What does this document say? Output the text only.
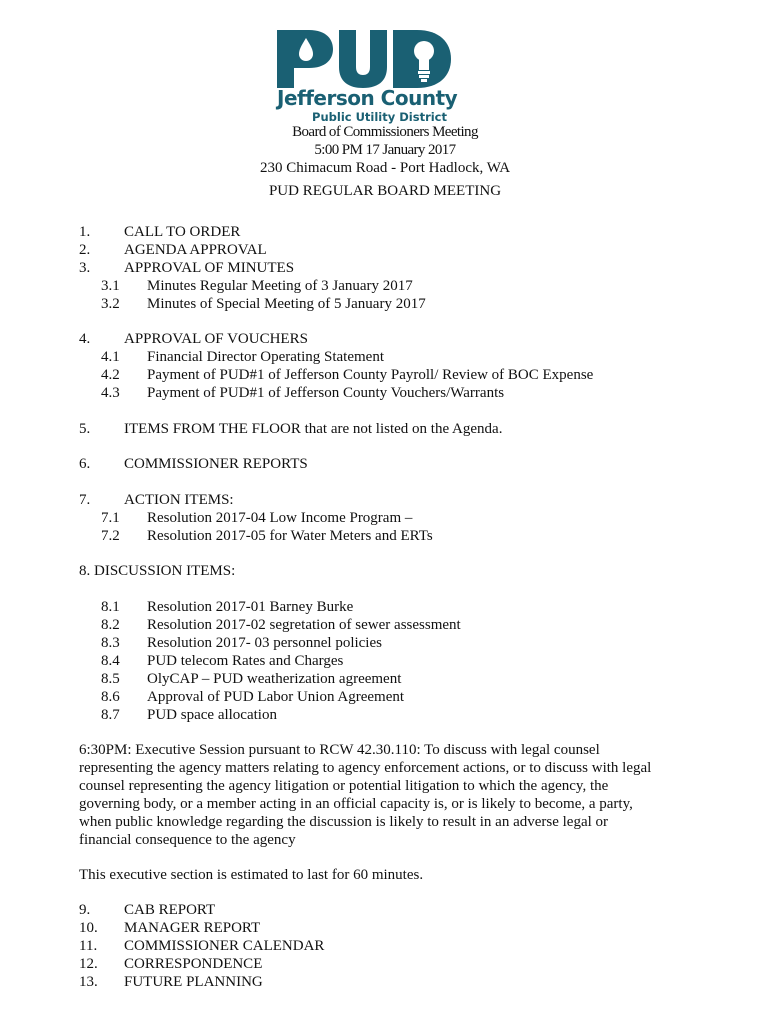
Jefferson County
Public Utility District
Board of Commissioners Meeting
5:00 PM 17 January 2017
230 Chimacum Road - Port Hadlock, WA
PUD REGULAR BOARD MEETING
1. CALL TO ORDER
2. AGENDA APPROVAL
3. APPROVAL OF MINUTES
3.1 Minutes Regular Meeting of 3 January 2017
3.2 Minutes of Special Meeting of 5 January 2017
4. APPROVAL OF VOUCHERS
4.1 Financial Director Operating Statement
4.2 Payment of PUD#1 of Jefferson County Payroll/ Review of BOC Expense
4.3 Payment of PUD#1 of Jefferson County Vouchers/Warrants
5. ITEMS FROM THE FLOOR that are not listed on the Agenda.
6. COMMISSIONER REPORTS
7. ACTION ITEMS:
7.1 Resolution 2017-04 Low Income Program –
7.2 Resolution 2017-05 for Water Meters and ERTs
8. DISCUSSION ITEMS:
8.1 Resolution 2017-01 Barney Burke
8.2 Resolution 2017-02 segretation of sewer assessment
8.3 Resolution 2017- 03 personnel policies
8.4 PUD telecom Rates and Charges
8.5 OlyCAP – PUD weatherization agreement
8.6 Approval of PUD Labor Union Agreement
8.7 PUD space allocation
6:30PM: Executive Session pursuant to RCW 42.30.110: To discuss with legal counsel
representing the agency matters relating to agency enforcement actions, or to discuss with legal
counsel representing the agency litigation or potential litigation to which the agency, the
governing body, or a member acting in an official capacity is, or is likely to become, a party,
when public knowledge regarding the discussion is likely to result in an adverse legal or
financial consequence to the agency
This executive section is estimated to last for 60 minutes.
9. CAB REPORT
10. MANAGER REPORT
11. COMMISSIONER CALENDAR
12. CORRESPONDENCE
13. FUTURE PLANNING
